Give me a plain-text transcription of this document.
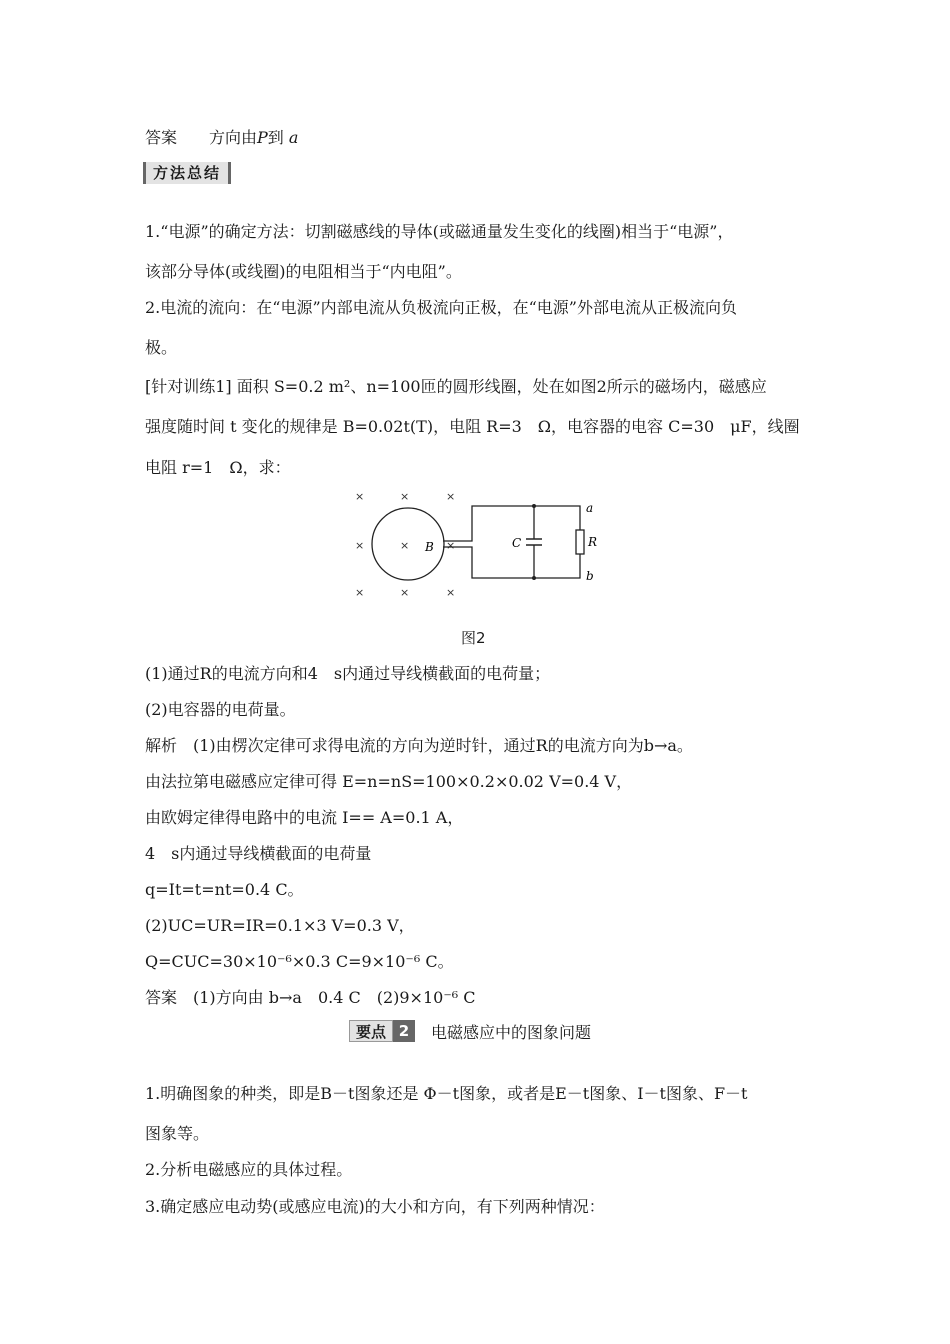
答案　　方向由P到 a
方法总结
1.“电源”的确定方法：切割磁感线的导体(或磁通量发生变化的线圈)相当于“电源”，
该部分导体(或线圈)的电阻相当于“内电阻”。
2.电流的流向：在“电源”内部电流从负极流向正极，在“电源”外部电流从正极流向负
极。
[针对训练1] 面积 S=0.2 m²、n=100匝的圆形线圈，处在如图2所示的磁场内，磁感应
强度随时间 t 变化的规律是 B=0.02t(T)，电阻 R=3　Ω，电容器的电容 C=30　μF，线圈
电阻 r=1　Ω，求：
×	×	×
×	×	×
×	×	×
B	C	R
a
b
图2
(1)通过R的电流方向和4　s内通过导线横截面的电荷量；
(2)电容器的电荷量。
解析　(1)由楞次定律可求得电流的方向为逆时针，通过R的电流方向为b→a。
由法拉第电磁感应定律可得 E=n=nS=100×0.2×0.02 V=0.4 V，
由欧姆定律得电路中的电流 I== A=0.1 A，
4　s内通过导线横截面的电荷量
q=It=t=nt=0.4 C。
(2)UC=UR=IR=0.1×3 V=0.3 V，
Q=CUC=30×10⁻⁶×0.3 C=9×10⁻⁶ C。
答案　(1)方向由 b→a　0.4 C　(2)9×10⁻⁶ C
要点 2	电磁感应中的图象问题
1.明确图象的种类，即是B－t图象还是 Φ－t图象，或者是E－t图象、I－t图象、F－t
图象等。
2.分析电磁感应的具体过程。
3.确定感应电动势(或感应电流)的大小和方向，有下列两种情况：
